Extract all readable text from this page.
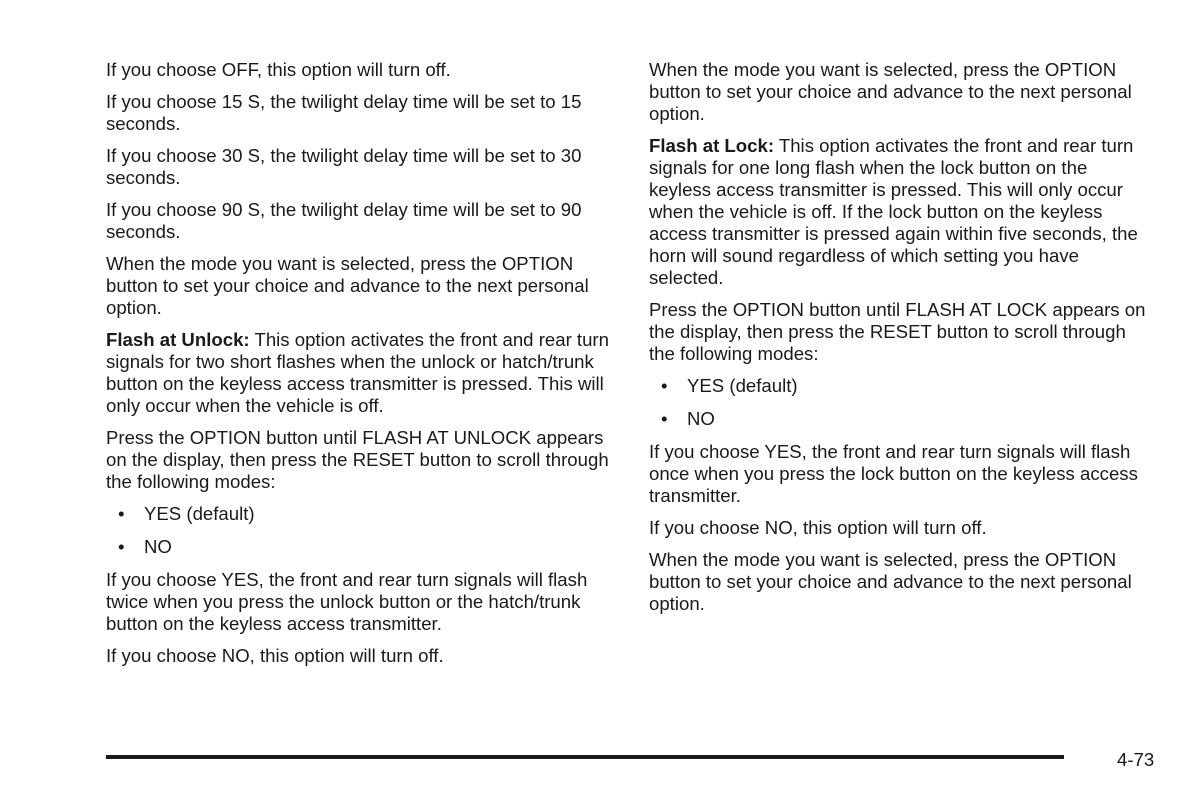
If you choose OFF, this option will turn off.

If you choose 15 S, the twilight delay time will be set to 15 seconds.

If you choose 30 S, the twilight delay time will be set to 30 seconds.

If you choose 90 S, the twilight delay time will be set to 90 seconds.

When the mode you want is selected, press the OPTION button to set your choice and advance to the next personal option.

Flash at Unlock: This option activates the front and rear turn signals for two short flashes when the unlock or hatch/trunk button on the keyless access transmitter is pressed. This will only occur when the vehicle is off.

Press the OPTION button until FLASH AT UNLOCK appears on the display, then press the RESET button to scroll through the following modes:

• YES (default)
• NO

If you choose YES, the front and rear turn signals will flash twice when you press the unlock button or the hatch/trunk button on the keyless access transmitter.

If you choose NO, this option will turn off.

When the mode you want is selected, press the OPTION button to set your choice and advance to the next personal option.

Flash at Lock: This option activates the front and rear turn signals for one long flash when the lock button on the keyless access transmitter is pressed. This will only occur when the vehicle is off. If the lock button on the keyless access transmitter is pressed again within five seconds, the horn will sound regardless of which setting you have selected.

Press the OPTION button until FLASH AT LOCK appears on the display, then press the RESET button to scroll through the following modes:

• YES (default)
• NO

If you choose YES, the front and rear turn signals will flash once when you press the lock button on the keyless access transmitter.

If you choose NO, this option will turn off.

When the mode you want is selected, press the OPTION button to set your choice and advance to the next personal option.

4-73
